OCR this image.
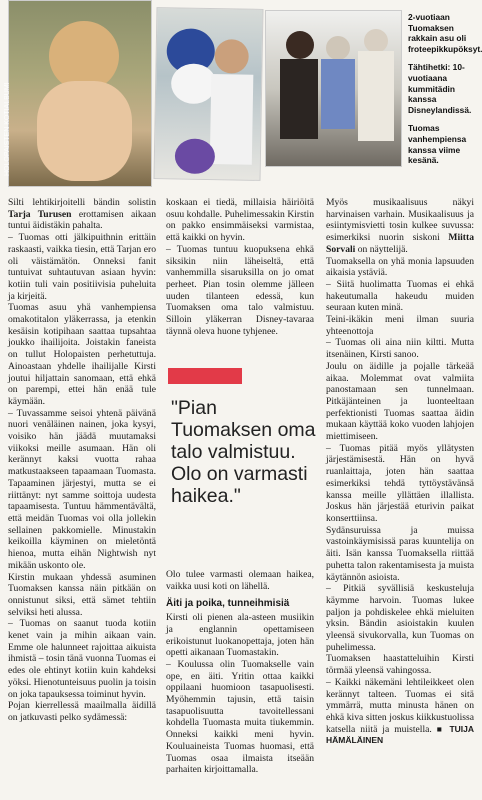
HOLOPAISTEN KOTIALBUMI

2-vuotiaan Tuomaksen rakkain asu oli froteepikkupöksyt.

Tähtihetki: 10-vuotiaana kummitädin kanssa Disneylandissä.

Tuomas vanhempiensa kanssa viime kesänä.

Silti lehtikirjoitelli bändin solistin Tarja Turusen erottamisen aikaan tuntui äidistäkin pahalta.

– Tuomas otti jälkipuithnin erittäin raskaasti, vaikka tiesin, että Tarjan ero oli väistämätön. Onneksi fanit tuntuivat suhtautuvan asiaan hyvin: kotiin tuli vain positiivisia puheluita ja kirjeitä.

Tuomas asuu yhä vanhempiensa omakotitalon yläkerrassa, ja etenkin kesäisin kotipihaan saattaa tupsahtaa joukko ihailijoita. Joistakin faneista on tullut Holopaisten perhetuttuja. Ainoastaan yhdelle ihailijalle Kirsti joutui hiljattain sanomaan, että ehkä on parempi, ettei hän enää tule käymään.

– Tuvassamme seisoi yhtenä päivänä nuori venäläinen nainen, joka kysyi, voisiko hän jäädä muutamaksi viikoksi meille asumaan. Hän oli kerännyt kaksi vuotta rahaa matkustaakseen tapaamaan Tuomasta. Tapaaminen järjestyi, mutta se ei riittänyt: nyt samme soittoja uudesta tapaamisesta. Tuntuu hämmentävältä, että meidän Tuomas voi olla jollekin sellainen pakkomielle. Minustakin keikoilla käyminen on mieletöntä hienoa, mutta eihän Nightwish nyt mikään uskonto ole.

Kirstin mukaan yhdessä asuminen Tuomaksen kanssa näin pitkään on onnistunut siksi, että sämet tehtiin selviksi heti alussa.

– Tuomas on saanut tuoda kotiin kenet vain ja mihin aikaan vain. Emme ole halunneet rajoittaa aikuista ihmistä – tosin tänä vuonna Tuomas ei edes ole ehtinyt kotiin kuin kahdeksi yöksi. Hienotunteisuus puolin ja toisin on joka tapauksessa toiminut hyvin.

Pojan kierrellessä maailmalla äidillä on jatkuvasti pelko sydämessä:

koskaan ei tiedä, millaisia häiriöitä osuu kohdalle. Puhelimessakin Kirstin on pakko ensimmäiseksi varmistaa, että kaikki on hyvin.

– Tuomas tuntuu kuopuksena ehkä siksikin niin läheiseltä, että vanhemmilla sisaruksilla on jo omat perheet. Pian tosin olemme jälleen uuden tilanteen edessä, kun Tuomaksen oma talo valmistuu. Silloin yläkerran Disney-tavaraa täynnä oleva huone tyhjenee.

"Pian Tuomaksen oma talo valmistuu. Olo on varmasti haikea."

Olo tulee varmasti olemaan haikea, vaikka uusi koti on lähellä.

Äiti ja poika, tunneihmisiä

Kirsti oli pienen ala-asteen musiikin ja englannin opettamiseen erikoistunut luokanopettaja, joten hän opetti aikanaan Tuomastakin.

– Koulussa olin Tuomakselle vain ope, en äiti. Yritin ottaa kaikki oppilaani huomioon tasapuolisesti. Myöhemmin tajusin, että taisin tasapuolisuutta tavoitellessani kohdella Tuomasta muita tiukemmin. Onneksi kaikki meni hyvin. Kouluaineista Tuomas huomasi, että Tuomas osaa ilmaista itseään parhaiten kirjoittamalla.

Myös musikaalisuus näkyi harvinaisen varhain. Musikaalisuus ja esiintymisvietti tosin kulkee suvussa: esimerkiksi nuorin siskoni Miitta Sorvali on näyttelijä.

Tuomaksella on yhä monia lapsuuden aikaisia ystäviä.

– Siitä huolimatta Tuomas ei ehkä hakeutumalla hakeudu muiden seuraan kuten minä.

Teini-ikäkin meni ilman suuria yhteenottoja

– Tuomas oli aina niin kiltti. Mutta itsenäinen, Kirsti sanoo.

Joulu on äidille ja pojalle tärkeää aikaa. Molemmat ovat valmiita panostamaan sen tunnelmaan. Pitkäjänteinen ja luonteeltaan perfektionisti Tuomas saattaa äidin mukaan käyttää koko vuoden lahjojen miettimiseen.

– Tuomas pitää myös yllätysten järjestämisestä. Hän on hyvä ruanlaittaja, joten hän saattaa esimerkiksi tehdä tyttöystävänsä kanssa meille yllättäen illallista. Joskus hän järjestää eturivin paikat konserttiinsa.

Sydänsuruissa ja muissa vastoinkäymisissä paras kuuntelija on äiti. Isän kanssa Tuomaksella riittää puhetta talon rakentamisesta ja muista käytännön asioista.

– Pitkiä syvällisiä keskusteluja käymme harvoin. Tuomas lukee paljon ja pohdiskelee ehkä mieluiten yksin. Bändin asioistakin kuulen yleensä sivukorvalla, kun Tuomas on puhelimessa.

Tuomaksen haastatteluihin Kirsti törmää yleensä vahingossa.

– Kaikki näkemäni lehtileikkeet olen kerännyt talteen. Tuomas ei sitä ymmärrä, mutta minusta hänen on ehkä kiva sitten joskus kiikkustuolissa katsella niitä ja muistella. ■ TUIJA HÄMÄLÄINEN
